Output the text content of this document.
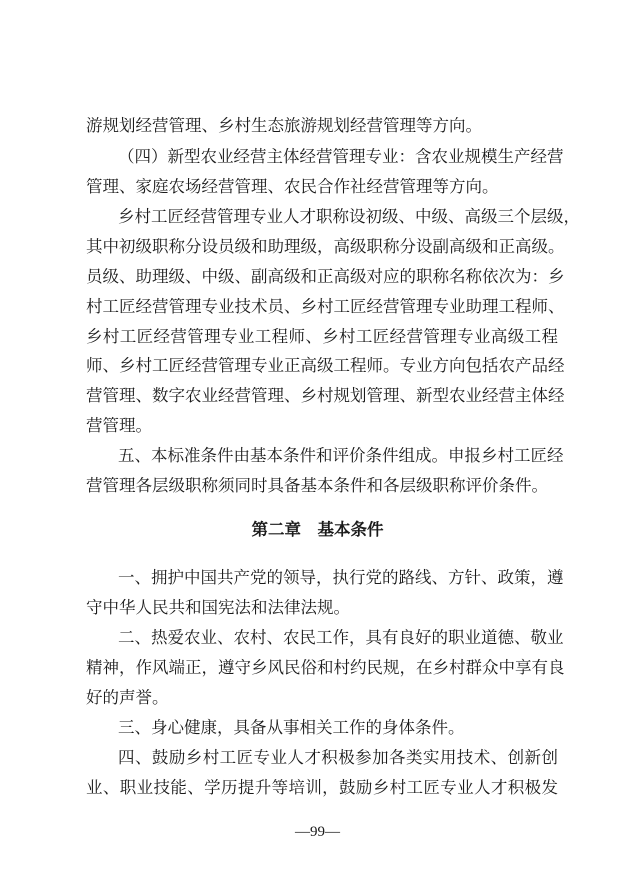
游规划经营管理、乡村生态旅游规划经营管理等方向。
（四）新型农业经营主体经营管理专业：含农业规模生产经营
管理、家庭农场经营管理、农民合作社经营管理等方向。
乡村工匠经营管理专业人才职称设初级、中级、高级三个层级，
其中初级职称分设员级和助理级，高级职称分设副高级和正高级。
员级、助理级、中级、副高级和正高级对应的职称名称依次为：乡
村工匠经营管理专业技术员、乡村工匠经营管理专业助理工程师、
乡村工匠经营管理专业工程师、乡村工匠经营管理专业高级工程
师、乡村工匠经营管理专业正高级工程师。专业方向包括农产品经
营管理、数字农业经营管理、乡村规划管理、新型农业经营主体经
营管理。
五、本标准条件由基本条件和评价条件组成。申报乡村工匠经
营管理各层级职称须同时具备基本条件和各层级职称评价条件。
第二章　基本条件
一、拥护中国共产党的领导，执行党的路线、方针、政策，遵
守中华人民共和国宪法和法律法规。
二、热爱农业、农村、农民工作，具有良好的职业道德、敬业
精神，作风端正，遵守乡风民俗和村约民规，在乡村群众中享有良
好的声誉。
三、身心健康，具备从事相关工作的身体条件。
四、鼓励乡村工匠专业人才积极参加各类实用技术、创新创
业、职业技能、学历提升等培训，鼓励乡村工匠专业人才积极发
—99—
